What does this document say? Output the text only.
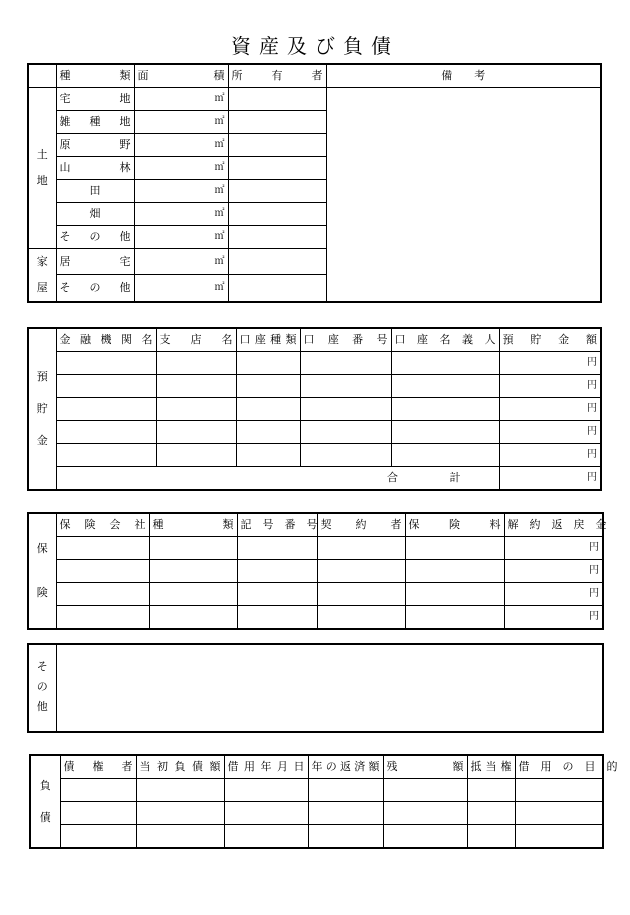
資産及び負債
	種　　類	面　　積	所　有　者	備　　考
土地	宅　　地	㎡		
	雑 種 地	㎡		
	原　　野	㎡		
	山　　林	㎡		
	田	㎡		
	畑	㎡		
	そ の 他	㎡		
家屋	居　　宅	㎡		
	そ の 他	㎡		
預貯金	金融機関名	支　店　名	口座種類	口　座　番　号	口　座　名　義　人	預　貯　金　額
						円
						円
						円
						円
						円
	合 計					円
保険	保　険　会　社	種　　類	記　号　番　号	契　約　者	保　険　料	解　約　返　戻　金
						円
						円
						円
						円
その他	
負債	債　権　者	当初負債額	借用年月日	年の返済額	残　　額	抵当権	借　用　の　目　的
